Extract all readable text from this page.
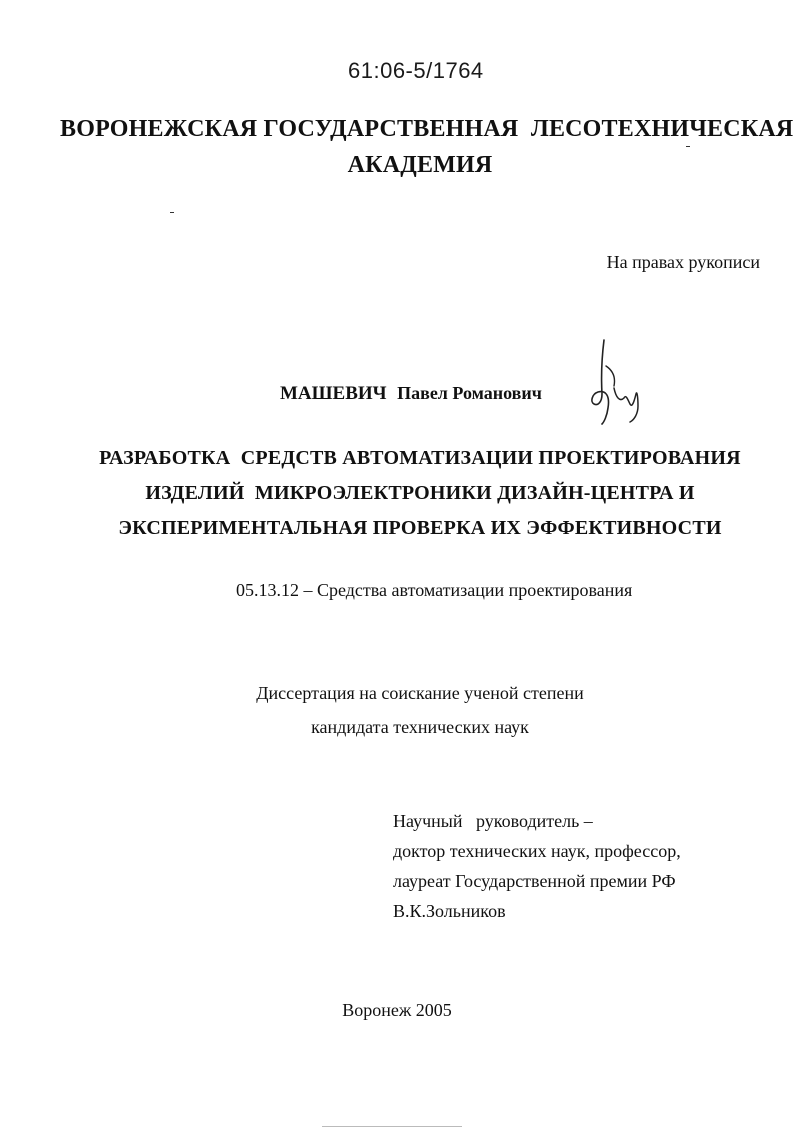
61:06-5/1764
ВОРОНЕЖСКАЯ ГОСУДАРСТВЕННАЯ  ЛЕСОТЕХНИЧЕСКАЯ
АКАДЕМИЯ
На правах рукописи
МАШЕВИЧ Павел Романович
РАЗРАБОТКА  СРЕДСТВ АВТОМАТИЗАЦИИ ПРОЕКТИРОВАНИЯ
ИЗДЕЛИЙ  МИКРОЭЛЕКТРОНИКИ ДИЗАЙН-ЦЕНТРА И
ЭКСПЕРИМЕНТАЛЬНАЯ ПРОВЕРКА ИХ ЭФФЕКТИВНОСТИ
05.13.12 – Средства автоматизации проектирования
Диссертация на соискание ученой степени
кандидата технических наук
Научный   руководитель –
доктор технических наук, профессор,
лауреат Государственной премии РФ
В.К.Зольников
Воронеж 2005
